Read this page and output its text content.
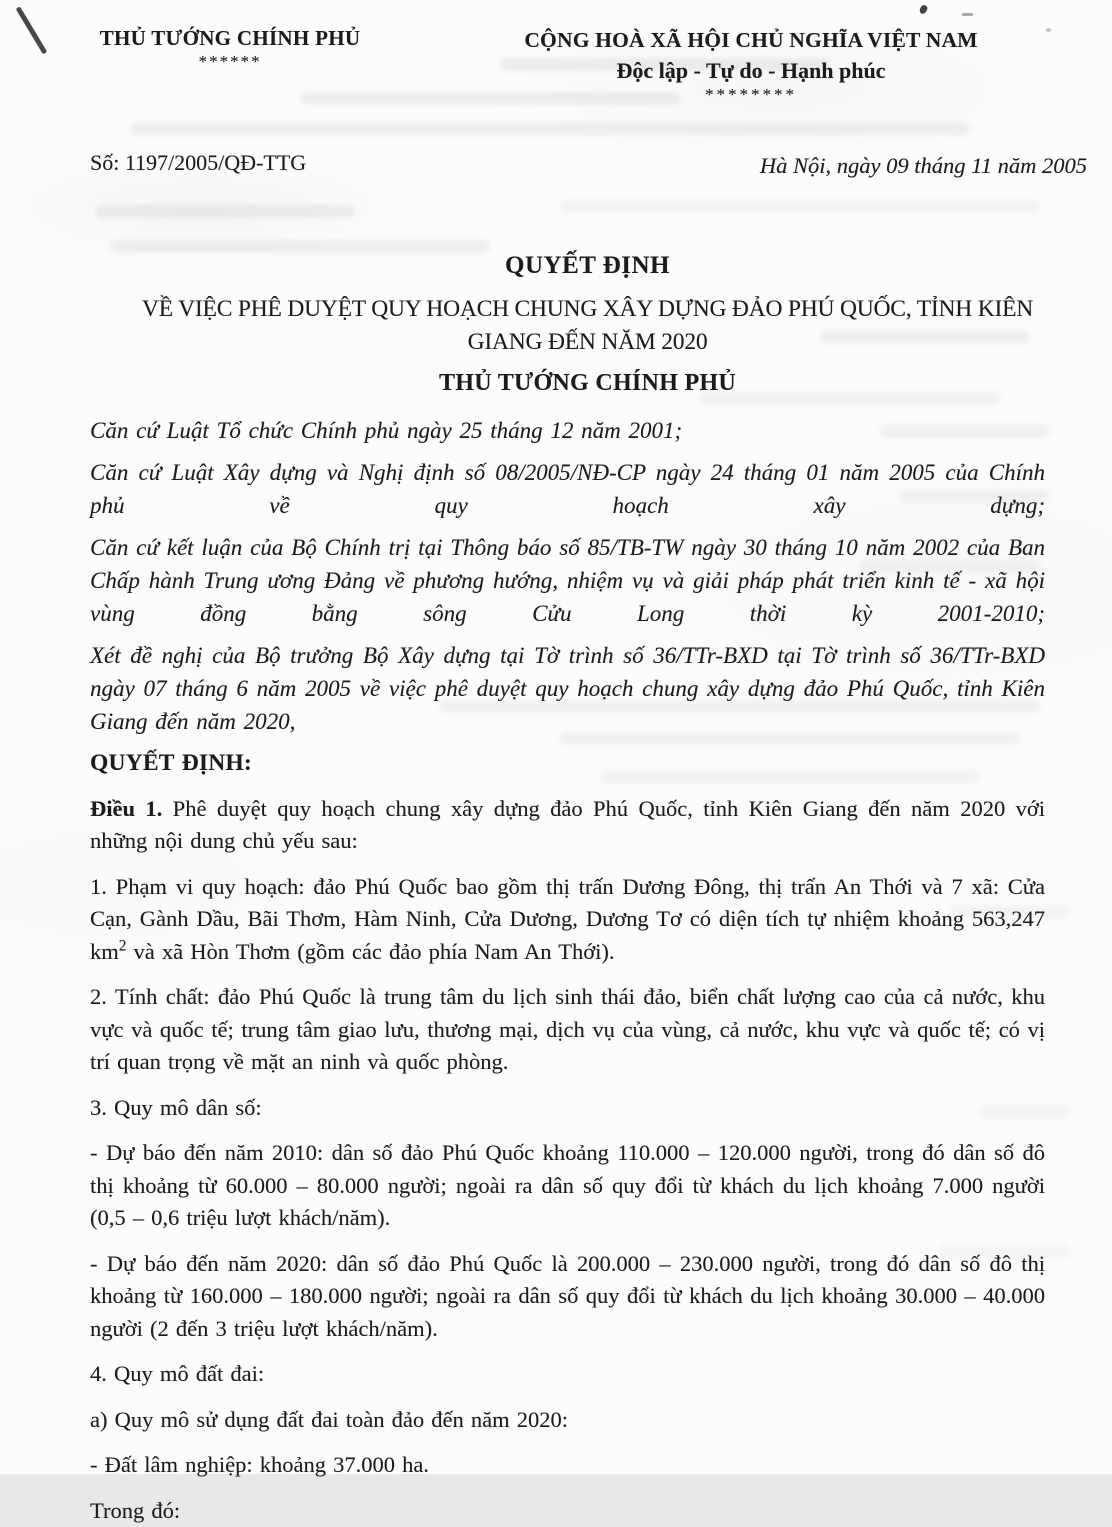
THỦ TƯỚNG CHÍNH PHỦ
******
CỘNG HOÀ XÃ HỘI CHỦ NGHĨA VIỆT NAM
Độc lập - Tự do - Hạnh phúc
********
Số: 1197/2005/QĐ-TTG	Hà Nội, ngày 09 tháng 11 năm 2005
QUYẾT ĐỊNH
VỀ VIỆC PHÊ DUYỆT QUY HOẠCH CHUNG XÂY DỰNG ĐẢO PHÚ QUỐC, TỈNH KIÊN GIANG ĐẾN NĂM 2020
THỦ TƯỚNG CHÍNH PHỦ

Căn cứ Luật Tổ chức Chính phủ ngày 25 tháng 12 năm 2001;

Căn cứ Luật Xây dựng và Nghị định số 08/2005/NĐ-CP ngày 24 tháng 01 năm 2005 của Chính phủ về quy hoạch xây dựng;

Căn cứ kết luận của Bộ Chính trị tại Thông báo số 85/TB-TW ngày 30 tháng 10 năm 2002 của Ban Chấp hành Trung ương Đảng về phương hướng, nhiệm vụ và giải pháp phát triển kinh tế - xã hội vùng đồng bằng sông Cửu Long thời kỳ 2001-2010;

Xét đề nghị của Bộ trưởng Bộ Xây dựng tại Tờ trình số 36/TTr-BXD tại Tờ trình số 36/TTr-BXD ngày 07 tháng 6 năm 2005 về việc phê duyệt quy hoạch chung xây dựng đảo Phú Quốc, tỉnh Kiên Giang đến năm 2020,

QUYẾT ĐỊNH:

Điều 1. Phê duyệt quy hoạch chung xây dựng đảo Phú Quốc, tỉnh Kiên Giang đến năm 2020 với những nội dung chủ yếu sau:

1. Phạm vi quy hoạch: đảo Phú Quốc bao gồm thị trấn Dương Đông, thị trấn An Thới và 7 xã: Cửa Cạn, Gành Dầu, Bãi Thơm, Hàm Ninh, Cửa Dương, Dương Tơ có diện tích tự nhiệm khoảng 563,247 $km^2$ và xã Hòn Thơm (gồm các đảo phía Nam An Thới).

2. Tính chất: đảo Phú Quốc là trung tâm du lịch sinh thái đảo, biển chất lượng cao của cả nước, khu vực và quốc tế; trung tâm giao lưu, thương mại, dịch vụ của vùng, cả nước, khu vực và quốc tế; có vị trí quan trọng về mặt an ninh và quốc phòng.

3. Quy mô dân số:

- Dự báo đến năm 2010: dân số đảo Phú Quốc khoảng 110.000 – 120.000 người, trong đó dân số đô thị khoảng từ 60.000 – 80.000 người; ngoài ra dân số quy đổi từ khách du lịch khoảng 7.000 người (0,5 – 0,6 triệu lượt khách/năm).

- Dự báo đến năm 2020: dân số đảo Phú Quốc là 200.000 – 230.000 người, trong đó dân số đô thị khoảng từ 160.000 – 180.000 người; ngoài ra dân số quy đổi từ khách du lịch khoảng 30.000 – 40.000 người (2 đến 3 triệu lượt khách/năm).

4. Quy mô đất đai:

a) Quy mô sử dụng đất đai toàn đảo đến năm 2020:

- Đất lâm nghiệp: khoảng 37.000 ha.

Trong đó:
